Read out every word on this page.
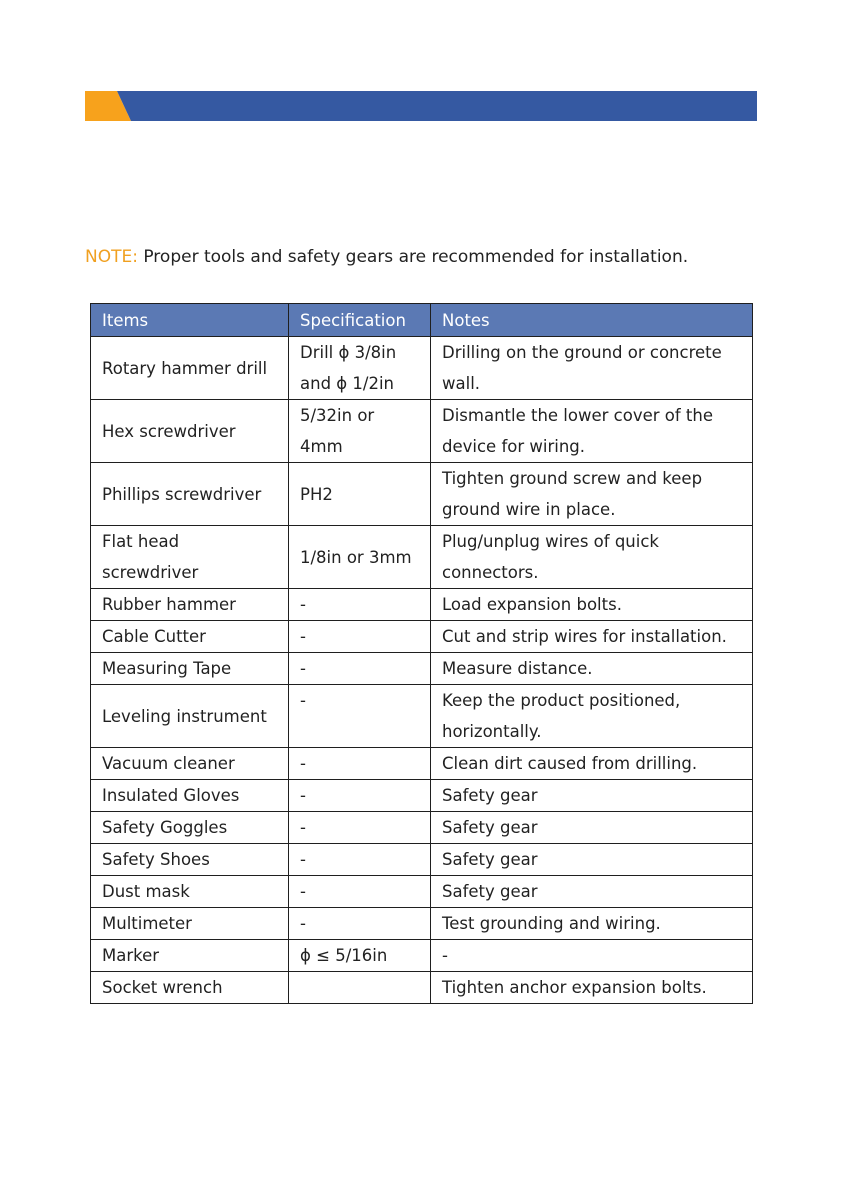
NOTE: Proper tools and safety gears are recommended for installation.
Items	Specification	Notes
Rotary hammer drill	Drill ϕ 3/8in and ϕ 1/2in	Drilling on the ground or concrete wall.
Hex screwdriver	5/32in or 4mm	Dismantle the lower cover of the device for wiring.
Phillips screwdriver	PH2	Tighten ground screw and keep ground wire in place.
Flat head screwdriver	1/8in or 3mm	Plug/unplug wires of quick connectors.
Rubber hammer	-	Load expansion bolts.
Cable Cutter	-	Cut and strip wires for installation.
Measuring Tape	-	Measure distance.
Leveling instrument	-	Keep the product positioned, horizontally.
Vacuum cleaner	-	Clean dirt caused from drilling.
Insulated Gloves	-	Safety gear
Safety Goggles	-	Safety gear
Safety Shoes	-	Safety gear
Dust mask	-	Safety gear
Multimeter	-	Test grounding and wiring.
Marker	ϕ ≤ 5/16in	-
Socket wrench		Tighten anchor expansion bolts.
